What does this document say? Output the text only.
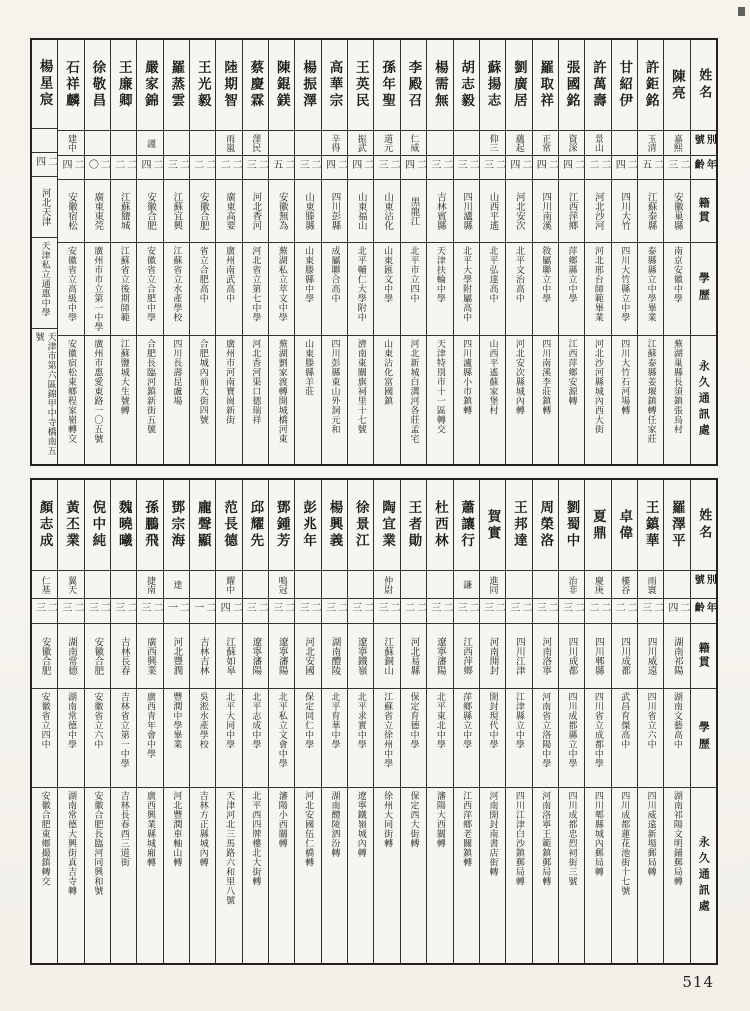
楊星宸
二四
河北天津
天津私立通惠中學
天津市第六區錦甲中寺橋南五號
石祥麟
建中
二四
安徽宿松
安徽省立高級中學
安徽宿松東鄉程家嶺轉交
徐敬昌
二〇
廣東東莞
廣州市市立第一中學
廣州市惠愛東路一〇五號
王廉卿
二二
江蘇鹽城
江蘇省立後期師範
江蘇鹽城大生號轉
嚴家錦
謹
二四
安徽合肥
安徽省立合肥中學
合肥長臨河鎮新街五號
羅蒸雲
二三
江蘇宜興
江蘇省立水產學校
四川長壽昆盧場
王光毅
二二
安徽合肥
省立合肥高中
合肥城內前大街四號
陸期智
雨嵐
二二
廣東高要
廣州南武高中
廣州市河南寶崗新街
蔡慶霖
澤民
二三
河北香河
河北省立第七中學
河北香河渠口德瑞祥
陳錕鎂
二五
安徽無為
蕪湖私立萃文中學
蕪湖劉家渡轉開城橋河東
楊振澤
二三
山東滕縣
山東滕縣中學
山東滕縣羊莊
高華宗
辛得
二四
四川彭縣
成屬聯合高中
四川彭縣東山外洞元和
王英民
振武
二四
山東福山
北平輔仁大學附中
濟南東關旗祠里十七號
孫年聖
道元
二三
山東沾化
山東匯文中學
山東沾化富國鎮
李殿召
仁威
二四
黑龍江
北平市立四中
河北新城白溝河各莊孟宅
楊需無
二三
吉林賓縣
天津扶輪中學
天津特別市十一區轉交
胡志毅
二三
四川瀘縣
北平大學附屬高中
四川瀘縣小市鎮轉
蘇揚志
仰三
二三
山西平遙
北平弘達高中
山西平遙蘇家堡村
劉廣居
蘊起
二四
河北安次
北平文治高中
河北安次縣城內轉
羅取祥
正常
二四
四川南溪
敘屬聯立中學
四川南溪李莊鎮轉
張國銘
資深
二四
江西萍鄉
萍鄉縣立中學
江西萍鄉安源轉
許萬壽
景山
二二
河北沙河
河北邢台師範畢業
河北沙河縣城內西大街
甘紹伊
二四
四川大竹
四川大竹縣立中學
四川大竹石河場轉
許鉅銘
玉清
二五
江蘇泰縣
泰縣縣立中學畢業
江蘇泰縣姜堰鎮轉任家莊
陳亮
嘉熙
二三
安徽巢縣
南京安徽中學
蕪湖巢縣長須鎮張烏村
姓名
別號
年齡
籍貫
學歷
永久通訊處
顏志成
仁基
二三
安徽合肥
安徽省立四中
安徽合肥東鄉撮鎮轉交
黃丕業
翼天
二三
湖南常德
湖南常德中學
湖南常德大興街真吉寺轉
倪中純
二三
安徽合肥
安徽省立六中
安徽合肥長臨河同興和號
魏曉曦
二三
吉林長春
吉林省立第一中學
吉林長春西三道街
孫鵬飛
捷南
二三
廣西興業
廣西青年會中學
廣西興業縣城廂轉
鄧宗海
達
二一
河北豐潤
豐潤中學畢業
河北豐潤車軸山轉
龐聲顯
二一
吉林吉林
吳淞水產學校
吉林方正縣城內轉
范長德
耀中
二四
江蘇如皋
北平大同中學
天津河北三馬路六和里八號
邱耀先
二三
遼寧瀋陽
北平志成中學
北平西四牌樓北大街轉
鄧鍾芳
鳴冠
二三
遼寧瀋陽
北平私立文會中學
瀋陽小西關轉
彭兆年
二三
河北安國
保定同仁中學
河北安國伍仁橋轉
楊興義
二三
湖南醴陵
北平育華中學
湖南醴陵泗汾轉
徐景江
二三
遼寧鐵嶺
北平求實中學
遼寧鐵嶺城內轉
陶宜業
仲尉
二三
江蘇銅山
江蘇省立徐州中學
徐州大同街轉
王者勛
二二
河北易縣
保定育德中學
保定西大街轉
杜西林
二三
遼寧瀋陽
北平東北中學
瀋陽大西關轉
蕭讓行
謙
二三
江西萍鄉
萍鄉縣立中學
江西萍鄉老關鎮轉
賀實
進同
二三
河南開封
開封現代中學
河南開封南書店街轉
王邦達
二三
四川江津
江津縣立中學
四川江津白沙鎮郵局轉
周榮洛
二三
河南洛寧
河南省立洛陽中學
河南洛寧王範鎮郵局轉
劉蜀中
治非
二三
四川成都
四川成都縣立中學
四川成都忠烈祠街三號
夏鼎
慶庚
二二
四川郫縣
四川省立成都中學
四川郫縣城內郵局轉
卓偉
樓谷
二二
四川成都
武昌育傑高中
四川成都蓮花池街十七號
王鎮華
雨寰
二三
四川威遠
四川省立六中
四川威遠新場郵局轉
羅澤平
二四
湖南祁陽
湖南文藝高中
湖南祁陽文明鋪郵局轉
姓名
別號
年齡
籍貫
學歷
永久通訊處
514
